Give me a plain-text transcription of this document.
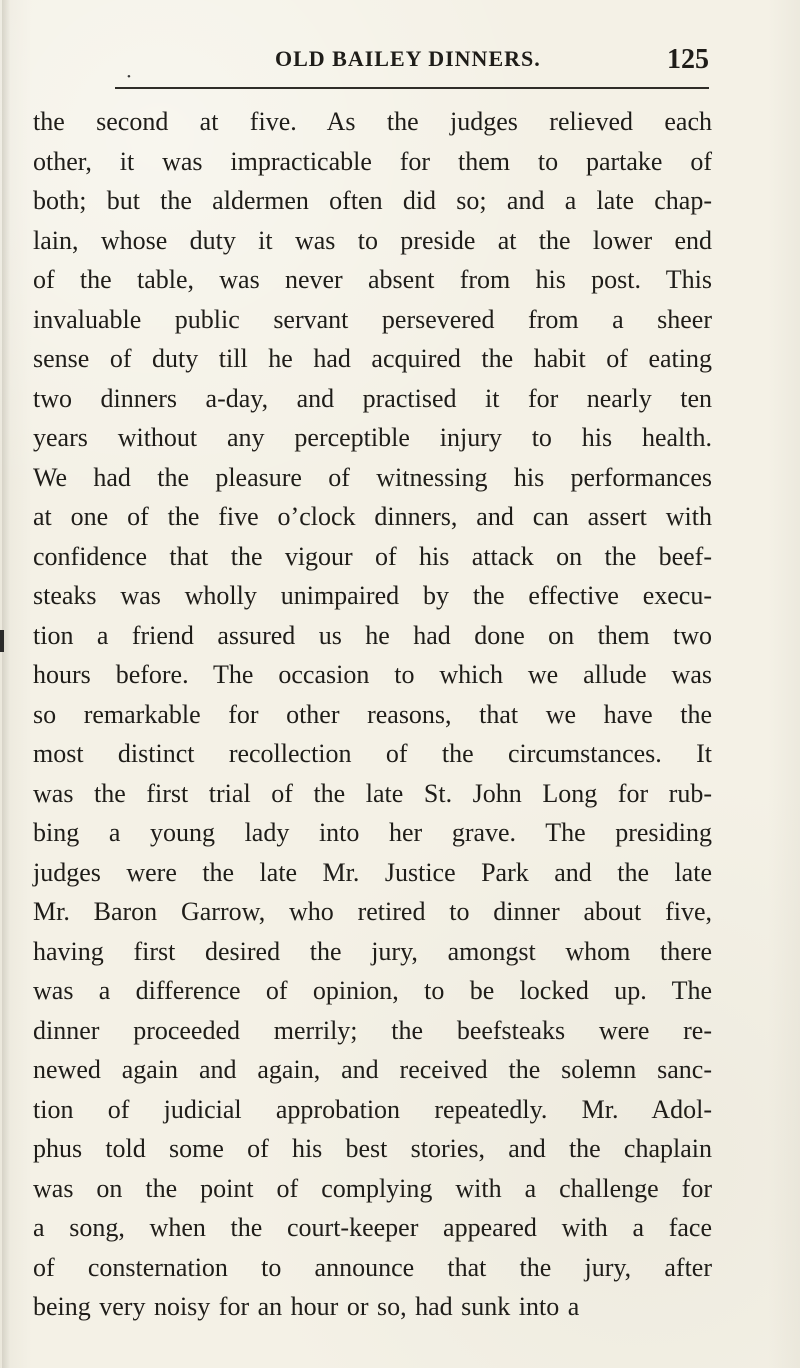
•
OLD BAILEY DINNERS.	125
the second at five. As the judges relieved each
other, it was impracticable for them to partake of
both; but the aldermen often did so; and a late chap-
lain, whose duty it was to preside at the lower end
of the table, was never absent from his post. This
invaluable public servant persevered from a sheer
sense of duty till he had acquired the habit of eating
two dinners a-day, and practised it for nearly ten
years without any perceptible injury to his health.
We had the pleasure of witnessing his performances
at one of the five o’clock dinners, and can assert with
confidence that the vigour of his attack on the beef-
steaks was wholly unimpaired by the effective execu-
tion a friend assured us he had done on them two
hours before. The occasion to which we allude was
so remarkable for other reasons, that we have the
most distinct recollection of the circumstances. It
was the first trial of the late St. John Long for rub-
bing a young lady into her grave. The presiding
judges were the late Mr. Justice Park and the late
Mr. Baron Garrow, who retired to dinner about five,
having first desired the jury, amongst whom there
was a difference of opinion, to be locked up. The
dinner proceeded merrily; the beefsteaks were re-
newed again and again, and received the solemn sanc-
tion of judicial approbation repeatedly. Mr. Adol-
phus told some of his best stories, and the chaplain
was on the point of complying with a challenge for
a song, when the court-keeper appeared with a face
of consternation to announce that the jury, after
being very noisy for an hour or so, had sunk into a
